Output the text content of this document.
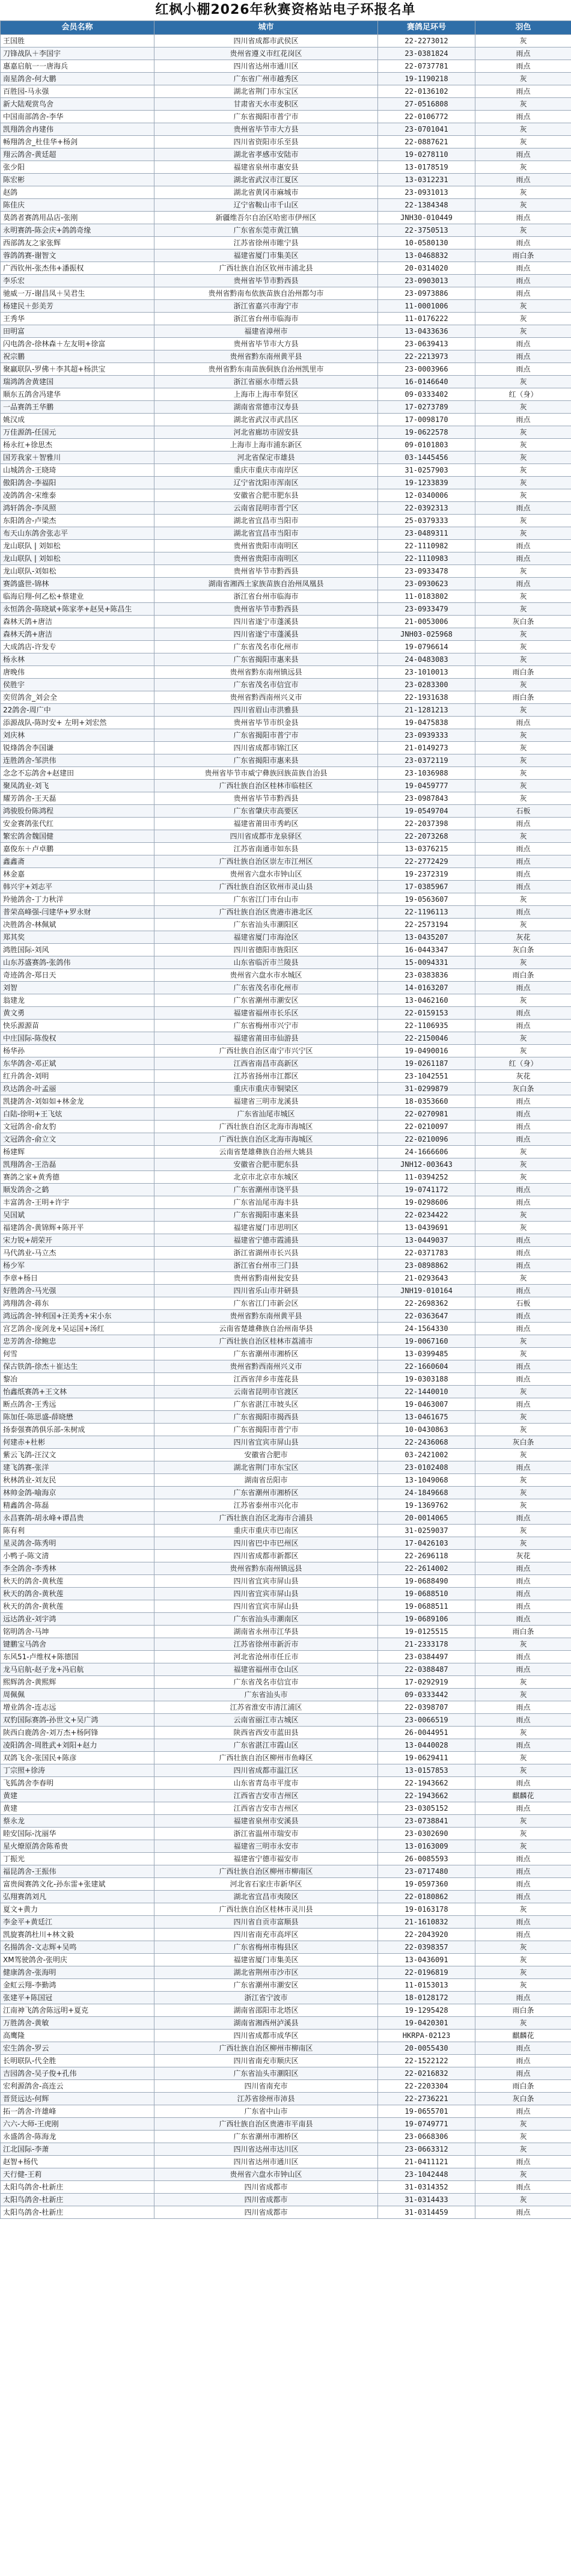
红枫小棚2026年秋赛资格站电子环报名单
会员名称	城市	赛鸽足环号	羽色
王国胜	四川省成都市武侯区	22-2273012	灰
刀锋战队＋李国宇	贵州省遵义市红花岗区	23-0381824	雨点
惠嘉启航一一唐海兵	四川省达州市通川区	22-0737781	雨点
南星鸽舍-何大鹏	广东省广州市越秀区	19-1190218	灰
百胜园-马永强	湖北省荆门市东宝区	22-0136102	雨点
新大陆观赏鸟舍	甘肃省天水市麦积区	27-0516808	灰
中国南部鸽舍-李华	广东省揭阳市普宁市	22-0106772	雨点
凯翔鸽舍冉建伟	贵州省毕节市大方县	23-0701041	灰
畅翔鸽舍_杜佳华+杨剑	四川省资阳市乐至县	22-0887621	灰
翔云鸽舍-黄廷超	湖北省孝感市安陆市	19-0278110	雨点
张少阳	福建省泉州市惠安县	13-0178519	灰
陈宏彬	湖北省武汉市江夏区	13-0312231	雨点
赵鸽	湖北省黄冈市麻城市	23-0931013	灰
陈佳庆	辽宁省鞍山市千山区	22-1384348	灰
莫鸽者赛鸽用品店-张刚	新疆维吾尔自治区哈密市伊州区	JNH30-010449	雨点
永明赛鸽-陈会庆+鸽鸽奇缘	广东省东莞市黄江镇	22-3750513	灰
西部鸽友之家张辉	江苏省徐州市睢宁县	10-0580130	雨点
蓉鸽鸽赛-谢智文	福建省厦门市集美区	13-0468832	雨白条
广西钦州-张杰伟+潘振权	广西壮族自治区钦州市浦北县	20-0314020	雨点
李乐宏	贵州省毕节市黔西县	23-0903013	雨点
驰威一万-谢昌凤＋吴君生	贵州省黔南布依族苗族自治州都匀市	23-0973886	雨点
杨建民＋彭美芳	浙江省嘉兴市海宁市	11-0001006	灰
王秀华	浙江省台州市临海市	11-0176222	灰
田明富	福建省漳州市	13-0433636	灰
闪电鸽舍-徐林森＋左友明+徐富	贵州省毕节市大方县	23-0639413	雨点
祝宗鹏	贵州省黔东南州黄平县	22-2213973	雨点
聚赢联队-罗佛＋李其超+杨洪宝	贵州省黔东南苗族侗族自治州凯里市	23-0003966	雨点
瑞鸿鸽舍黄建国	浙江省丽水市缙云县	16-0146640	灰
顺东五鸽舍冯建华	上海市上海市奉贤区	09-0333402	红（身）
一品赛鸽王华鹏	湖南省常德市汉寿县	17-0273789	灰
姚汉成	湖北省武汉市武昌区	17-0098170	雨点
万佳源鸽-任国元	河北省廊坊市固安县	19-0622578	灰
杨永红+徐思杰	上海市上海市浦东新区	09-0101803	灰
国芳我家＋智雅川	河北省保定市雄县	03-1445456	灰
山城鸽舍-王晓琦	重庆市重庆市南岸区	31-0257903	灰
傲阳鸽舍-李福阳	辽宁省沈阳市浑南区	19-1233839	灰
凌鸽鸽舍-宋维泰	安徽省合肥市肥东县	12-0340006	灰
鸿轩鸽舍-李凤照	云南省昆明市晋宁区	22-0392313	雨点
东阳鸽舍-卢梁杰	湖北省宜昌市当阳市	25-0379333	灰
布天山东鸽舍张志平	湖北省宜昌市当阳市	23-0489311	灰
龙山联队 | 刘如松	贵州省贵阳市南明区	22-1110982	雨点
龙山联队 | 刘如松	贵州省贵阳市南明区	22-1110983	雨点
龙山联队-刘如松	贵州省毕节市黔西县	23-0933478	灰
赛鸽盛世-锦林	湖南省湘西土家族苗族自治州凤凰县	23-0930623	雨点
临海启翔-何乙松+蔡建业	浙江省台州市临海市	11-0183802	灰
永恒鸽舍-陈晓斌+陈家孝+赵昊+陈昌生	贵州省毕节市黔西县	23-0933479	灰
森林天鸽+唐洁	四川省遂宁市蓬溪县	21-0053006	灰白条
森林天鸽+唐洁	四川省遂宁市蓬溪县	JNH03-025968	灰
大成鸽店-许发专	广东省茂名市化州市	19-0796614	灰
杨永林	广东省揭阳市惠来县	24-0483083	灰
唐晚伟	贵州省黔东南州镇远县	23-1010013	雨白条
侯胜宇	广东省茂名市信宜市	23-0283300	灰
奕贸鸽舍_刘会全	贵州省黔西南州兴义市	22-1931638	雨白条
22鸽舍-周广中	四川省眉山市洪雅县	21-1281213	灰
添源战队-陈时安+ 左明+刘宏然	贵州省毕节市织金县	19-0475838	雨点
刘庆林	广东省揭阳市普宁市	23-0939333	灰
锐烽鸽舍李国谦	四川省成都市锦江区	21-0149273	灰
连胜鸽舍-邹洪伟	广东省揭阳市惠来县	23-0372119	灰
念念不忘鸽舍+赵建田	贵州省毕节市威宁彝族回族苗族自治县	23-1036988	灰
聚凤鸽业-刘飞	广西壮族自治区桂林市临桂区	19-0459777	灰
耀芳鸽舍-王天磊	贵州省毕节市黔西县	23-0987843	灰
鸿骏股份陈鸿程	广东省肇庆市高要区	19-0549704	石板
安金赛鸽张代红	福建省莆田市秀屿区	22-2037398	雨点
繁宏鸽舍魏国健	四川省成都市龙泉驿区	22-2073268	灰
嘉俊东＋卢卓鹏	江苏省南通市如东县	13-0376215	雨点
鑫鑫斋	广西壮族自治区崇左市江州区	22-2772429	雨点
林金嘉	贵州省六盘水市钟山区	19-2372319	雨点
韩兴宇+刘志平	广西壮族自治区钦州市灵山县	17-0385967	雨点
羚驰鸽舍-丁力秋洋	广东省江门市台山市	19-0563607	灰
普荣高峰强-闫建华+罗永财	广西壮族自治区贵港市港北区	22-1196113	雨点
决胜鸽舍-林佩斌	广东省汕头市潮阳区	22-2573194	灰
郑其奖	福建省厦门市海沧区	13-0435207	灰花
鸿胜国际-刘风	四川省德阳市旌阳区	16-0443347	灰白条
山东苏盛赛鸽-张鸽伟	山东省临沂市兰陵县	15-0094331	灰
奇迹鸽舍-郑日天	贵州省六盘水市水城区	23-0383836	雨白条
刘智	广东省茂名市化州市	14-0163207	雨点
翁建龙	广东省潮州市潮安区	13-0462160	灰
黄文勇	福建省福州市长乐区	22-0159153	雨点
快乐源源苗	广东省梅州市兴宁市	22-1106935	雨点
中庄国际-陈俊权	福建省莆田市仙游县	22-2150046	灰
杨华孙	广西壮族自治区南宁市兴宁区	19-0490016	灰
东华鸽舍-邓正斌	江西省南昌市高新区	19-0261187	红（身）
红升鸽舍-刘明	江苏省扬州市江都区	23-1042551	灰花
玖达鸽舍-叶孟丽	重庆市重庆市铜梁区	31-0299879	灰白条
凯捷鸽舍-刘如如+林金龙	福建省三明市龙溪县	18-0353660	雨点
白陆-徐明+王飞炫	广东省汕尾市城区	22-0270981	雨点
文冠鸽舍-俞友豹	广西壮族自治区北海市海城区	22-0210097	雨点
文冠鸽舍-俞立文	广西壮族自治区北海市海城区	22-0210096	雨点
杨建辉	云南省楚雄彝族自治州大姚县	24-1666606	灰
凯翔鸽舍-王浩磊	安徽省合肥市肥东县	JNH12-003643	灰
赛鸽之家+黄秀德	北京市北京市东城区	11-0394252	灰
顺发鸽舍-之鹤	广东省潮州市饶平县	19-0741172	雨点
丰富鸽舍-王明+许宇	广东省汕尾市海丰县	19-0298606	雨点
吴国斌	广东省揭阳市惠来县	22-0234422	灰
福建鸽舍-黄锦辉+陈开平	福建省厦门市思明区	13-0439691	灰
宋力锐+胡荣开	福建省宁德市霞浦县	13-0449037	雨点
马代鸽业-马立杰	浙江省湖州市长兴县	22-0371783	雨点
杨少军	浙江省台州市三门县	23-0898862	雨点
李章+杨日	贵州省黔南州瓮安县	21-0293643	灰
好胜鸽舍-马光强	四川省乐山市井研县	JNH19-010164	雨点
鸿翔鸽舍-蒋东	广东省江门市新会区	22-2698362	石板
鸿远鸽舍-钟利国+汪美秀+宋小东	贵州省黔东南州黄平县	22-0363647	雨点
宫艺鸽舍-庞剑龙+吴运国+汤红	云南省楚雄彝族自治州南华县	24-1564330	雨点
忠芳鸽舍-徐鲍忠	广西壮族自治区桂林市荔浦市	19-0067160	灰
何雪	广东省潮州市湘桥区	13-0399485	灰
保古铁鸽-徐杰＋崔达生	贵州省黔西南州兴义市	22-1660604	雨点
黎冶	江西省萍乡市莲花县	19-0303188	雨点
怡鑫纸赛鸽+王文林	云南省昆明市官渡区	22-1440010	灰
断点鸽舍-王秀远	广东省湛江市坡头区	19-0463007	雨点
陈加任-陈思盛-薛晓懋	广东省揭阳市揭西县	13-0461675	灰
扬泰强赛鸽俱乐部-朱树成	广东省揭阳市普宁市	10-0430863	灰
何建赤+杜彬	四川省宜宾市屏山县	22-2436068	灰白条
紫云飞鸽-汪汉文	安徽省合肥市	03-2421002	灰
建飞鸽赛-张洋	湖北省荆门市东宝区	23-0102408	雨点
秋林鸽业-刘友民	湖南省岳阳市	13-1049068	灰
林帅金鸽-喻海京	广东省潮州市湘桥区	24-1849668	灰
精鑫鸽舍-陈磊	江苏省泰州市兴化市	19-1369762	灰
永昌赛鸽-胡永峰+谭昌贵	广西壮族自治区北海市合浦县	20-0014065	雨点
陈有利	重庆市重庆市巴南区	31-0259037	灰
星灵鸽舍-陈秀明	四川省巴中市巴州区	17-0426103	灰
小鸭子-陈文清	四川省成都市新都区	22-2696118	灰花
李全鸽舍-李秀林	贵州省黔东南州镇远县	22-2614002	雨点
秋天的鸽舍-黄秋莲	四川省宜宾市屏山县	19-0688490	雨点
秋天的鸽舍-黄秋莲	四川省宜宾市屏山县	19-0688510	雨点
秋天的鸽舍-黄秋莲	四川省宜宾市屏山县	19-0688511	雨点
远达鸽业-刘宇鸿	广东省汕头市潮南区	19-0689106	雨点
铭明鸽舍-马坤	湖南省永州市江华县	19-0125515	雨白条
键鹏宝马鸽舍	江苏省徐州市新沂市	21-2333178	灰
东风51-卢维权+陈德国	河北省沧州市任丘市	23-0384497	雨点
龙马启航-赵子龙+冯启航	福建省福州市仓山区	22-0388487	雨点
熙辉鸽舍-黄熙辉	广东省茂名市信宜市	17-0292919	灰
周佩佩	广东省汕头市	09-0333442	灰
增业鸽舍-连志远	江苏省淮安市清江浦区	22-0398707	雨点
双豹国际赛鸽-孙世文+吴广鸿	云南省丽江市古城区	23-0066519	雨点
陕西白鹿鸽舍-刘万杰+杨阿锋	陕西省西安市蓝田县	26-0044951	灰
凌阳鸽舍-周胜武+刘阳+赵力	广东省湛江市霞山区	13-0440028	雨点
双鸽飞舍-张国民+陈彦	广西壮族自治区柳州市鱼峰区	19-0629411	灰
丁宗照+徐涛	四川省成都市温江区	13-0157853	灰
飞狐鸽舍李春明	山东省青岛市平度市	22-1943662	雨点
黄建	江西省吉安市吉州区	22-1943662	麒麟花
黄建	江西省吉安市吉州区	23-0305152	雨点
蔡永龙	福建省泉州市安溪县	23-0738841	灰
睦安国际-沈丽华	浙江省温州市瑞安市	23-0302690	灰
星火燎原鸽舍陈希贵	福建省三明市永安市	13-0163009	灰
丁振光	福建省宁德市福安市	26-0085593	雨点
福昆鸽舍-王振伟	广西壮族自治区柳州市柳南区	23-0717480	雨点
富贵闽赛鸽文化-孙东雷+张建斌	河北省石家庄市新华区	19-0597360	雨点
弘翔赛鸽刘凡	湖北省宜昌市夷陵区	22-0180862	雨点
夏文+黄力	广西壮族自治区桂林市灵川县	19-0163178	灰
李金平+黄廷江	四川省自贡市富顺县	21-1610832	雨点
凯旋赛鸽杜川+林文毅	四川省南充市高坪区	22-2043920	雨点
名揚鸽舍-文志辉+吴鸣	广东省梅州市梅县区	22-0398357	灰
XM驾驶鸽舍-张明庆	福建省厦门市集美区	13-0436091	灰
健康鸽舍-张海明	湖北省荆州市沙市区	22-0196819	灰
金虹云翔-李勤鸿	广东省潮州市潮安区	11-0153013	灰
张建平+陈国冠	浙江省宁波市	18-0128172	雨点
江南神飞鸽舍陈远明+夏克	湖南省邵阳市北塔区	19-1295428	雨白条
万胜鸽舍-黄敏	湖南省湘西州泸溪县	19-0420301	灰
高鹰隆	四川省成都市成华区	HKRPA-02123	麒麟花
宏生鸽舍-罗云	广西壮族自治区柳州市柳南区	20-0055430	雨点
长明联队-代全胜	四川省南充市顺庆区	22-1522122	雨点
吉园鸽舍-吴子俊+孔伟	广东省汕头市潮阳区	22-0216832	雨点
宏利源鸽舍-高连云	四川省南充市	22-2203304	雨白条
晋贤远达-何辉	江苏省徐州市沛县	22-2736221	灰白条
拓一鸽舍-许雄峰	广东省中山市	19-0655701	雨点
六六-大师-王虎刚	广西壮族自治区贵港市平南县	19-0749771	灰
永盛鸽舍-陈海龙	广东省潮州市湘桥区	23-0668306	灰
江北国际-李萧	四川省达州市达川区	23-0663312	灰
赵智+杨代	四川省达州市通川区	21-0411121	雨点
天行健-王莉	贵州省六盘水市钟山区	23-1042448	灰
太阳鸟鸽舍-杜新庄	四川省成都市	31-0314352	雨点
太阳鸟鸽舍-杜新庄	四川省成都市	31-0314433	灰
太阳鸟鸽舍-杜新庄	四川省成都市	31-0314459	雨点
